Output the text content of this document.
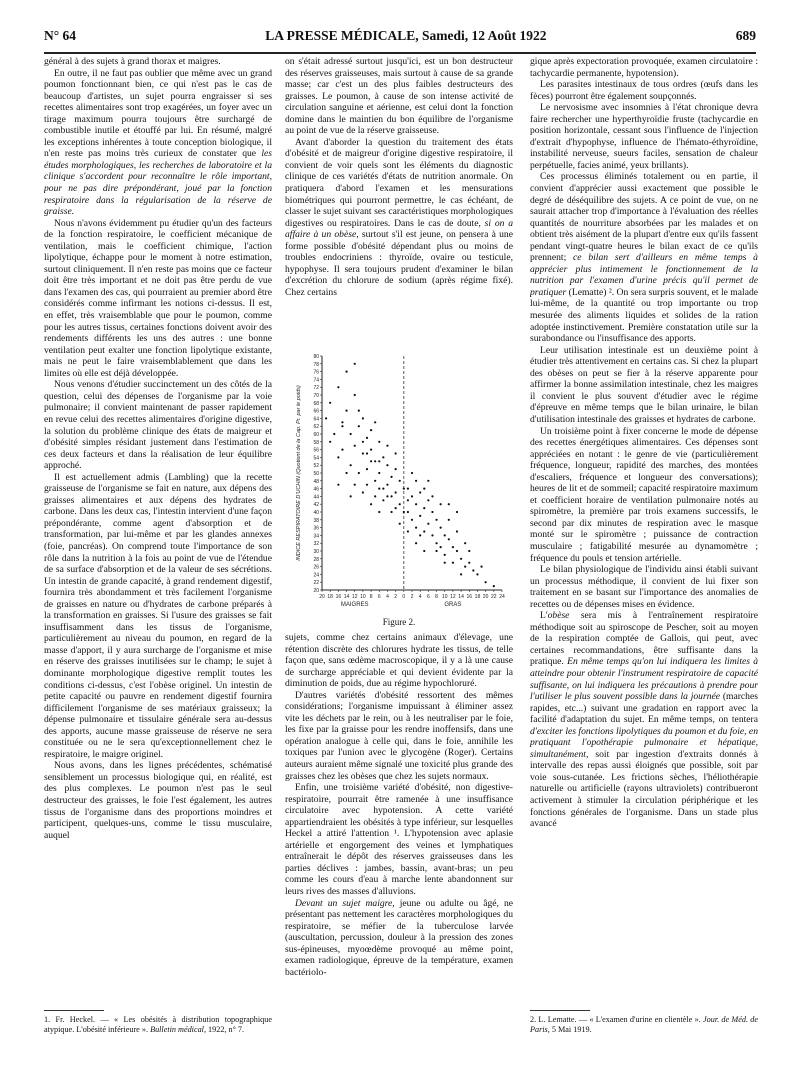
N° 64	LA PRESSE MÉDICALE, Samedi, 12 Août 1922	689

général à des sujets à grand thorax et maigres.

En outre, il ne faut pas oublier que même avec un grand poumon fonctionnant bien, ce qui n'est pas le cas de beaucoup d'artistes, un sujet pourra engraisser si ses recettes alimentaires sont trop exagérées, un foyer avec un tirage maximum pourra toujours être surchargé de combustible inutile et étouffé par lui. En résumé, malgré les exceptions inhérentes à toute conception biologique, il n'en reste pas moins très curieux de constater que les études morphologiques, les recherches de laboratoire et la clinique s'accordent pour reconnaître le rôle important, pour ne pas dire prépondérant, joué par la fonction respiratoire dans la régularisation de la réserve de graisse.

Nous n'avons évidemment pu étudier qu'un des facteurs de la fonction respiratoire, le coefficient mécanique de ventilation, mais le coefficient chimique, l'action lipolytique, échappe pour le moment à notre estimation, surtout cliniquement. Il n'en reste pas moins que ce facteur doit être très important et ne doit pas être perdu de vue dans l'examen des cas, qui pourraient au premier abord être considérés comme infirmant les notions ci-dessus. Il est, en effet, très vraisemblable que pour le poumon, comme pour les autres tissus, certaines fonctions doivent avoir des rendements différents les uns des autres : une bonne ventilation peut exalter une fonction lipolytique existante, mais ne peut le faire vraisemblablement que dans les limites où elle est déjà développée.

Nous venons d'étudier succinctement un des côtés de la question, celui des dépenses de l'organisme par la voie pulmonaire; il convient maintenant de passer rapidement en revue celui des recettes alimentaires d'origine digestive, la solution du problème clinique des états de maigreur et d'obésité simples résidant justement dans l'estimation de ces deux facteurs et dans la réalisation de leur équilibre approché.

Il est actuellement admis (Lambling) que la recette graisseuse de l'organisme se fait en nature, aux dépens des graisses alimentaires et aux dépens des hydrates de carbone. Dans les deux cas, l'intestin intervient d'une façon prépondérante, comme agent d'absorption et de transformation, par lui-même et par les glandes annexes (foie, pancréas). On comprend toute l'importance de son rôle dans la nutrition à la fois au point de vue de l'étendue de sa surface d'absorption et de la valeur de ses sécrétions. Un intestin de grande capacité, à grand rendement digestif, fournira très abondamment et très facilement l'organisme de graisses en nature ou d'hydrates de carbone préparés à la transformation en graisses. Si l'usure des graisses se fait insuffisamment dans les tissus de l'organisme, particulièrement au niveau du poumon, en regard de la masse d'apport, il y aura surcharge de l'organisme et mise en réserve des graisses inutilisées sur le champ; le sujet à dominante morphologique digestive remplit toutes les conditions ci-dessus, c'est l'obèse originel. Un intestin de petite capacité ou pauvre en rendement digestif fournira difficilement l'organisme de ses matériaux graisseux; la dépense pulmonaire et tissulaire générale sera au-dessus des apports, aucune masse graisseuse de réserve ne sera constituée ou ne le sera qu'exceptionnellement chez le respiratoire, le maigre originel.

Nous avons, dans les lignes précédentes, schématisé sensiblement un processus biologique qui, en réalité, est des plus complexes. Le poumon n'est pas le seul destructeur des graisses, le foie l'est également, les autres tissus de l'organisme dans des proportions moindres et participent, quelques-uns, comme le tissu musculaire, auquel

1. Fr. Heckel. — « Les obésités à distribution topographique atypique. L'obésité inférieure ». Bulletin médical, 1922, n° 7.

on s'était adressé surtout jusqu'ici, est un bon destructeur des réserves graisseuses, mais surtout à cause de sa grande masse; car c'est un des plus faibles destructeurs des graisses. Le poumon, à cause de son intense activité de circulation sanguine et aérienne, est celui dont la fonction domine dans le maintien du bon équilibre de l'organisme au point de vue de la réserve graisseuse.

Avant d'aborder la question du traitement des états d'obésité et de maigreur d'origine digestive respiratoire, il convient de voir quels sont les éléments du diagnostic clinique de ces variétés d'états de nutrition anormale. On pratiquera d'abord l'examen et les mensurations biométriques qui pourront permettre, le cas échéant, de classer le sujet suivant ses caractéristiques morphologiques digestives ou respiratoires. Dans le cas de doute, si on a affaire à un obèse, surtout s'il est jeune, on pensera à une forme possible d'obésité dépendant plus ou moins de troubles endocriniens : thyroïde, ovaire ou testicule, hypophyse. Il sera toujours prudent d'examiner le bilan d'excrétion du chlorure de sodium (après régime fixé). Chez certains

20
22
24
26
28
30
32
34
36
38
40
42
44
46
48
50
52
54
56
58
60
62
64
66
68
70
72
74
76
78
80
20 18 16 14 12 10 8 6 4 2 0 2 4 6 8 10 12 14 16 18 20 22 24
MAIGRES	GRAS
INDICE RESPIRATOIRE D'UCHIN (Quotient de la Cap. Pr. par le poids)
Figure 2.

sujets, comme chez certains animaux d'élevage, une rétention discrète des chlorures hydrate les tissus, de telle façon que, sans œdème macroscopique, il y a là une cause de surcharge appréciable et qui devient évidente par la diminution de poids, due au régime hypochloruré.

D'autres variétés d'obésité ressortent des mêmes considérations; l'organisme impuissant à éliminer assez vite les déchets par le rein, ou à les neutraliser par le foie, les fixe par la graisse pour les rendre inoffensifs, dans une opération analogue à celle qui, dans le foie, annihile les toxiques par l'union avec le glycogène (Roger). Certains auteurs auraient même signalé une toxicité plus grande des graisses chez les obèses que chez les sujets normaux.

Enfin, une troisième variété d'obésité, non digestive-respiratoire, pourrait être ramenée à une insuffisance circulatoire avec hypotension. A cette variété appartiendraient les obésités à type inférieur, sur lesquelles Heckel a attiré l'attention ¹. L'hypotension avec aplasie artérielle et engorgement des veines et lymphatiques entraînerait le dépôt des réserves graisseuses dans les parties déclives : jambes, bassin, avant-bras; un peu comme les cours d'eau à marche lente abandonnent sur leurs rives des masses d'alluvions.

Devant un sujet maigre, jeune ou adulte ou âgé, ne présentant pas nettement les caractères morphologiques du respiratoire, se méfier de la tuberculose larvée (auscultation, percussion, douleur à la pression des zones sus-épineuses, myoœdème provoqué au même point, examen radiologique, épreuve de la température, examen bactériolo-

gique après expectoration provoquée, examen circulatoire : tachycardie permanente, hypotension).

Les parasites intestinaux de tous ordres (œufs dans les fèces) pourront être également soupçonnés.

Le nervosisme avec insomnies à l'état chronique devra faire rechercher une hyperthyroïdie fruste (tachycardie en position horizontale, cessant sous l'influence de l'injection d'extrait d'hypophyse, influence de l'hémato-éthyroïdine, instabilité nerveuse, sueurs faciles, sensation de chaleur perpétuelle, facies animé, yeux brillants).

Ces processus éliminés totalement ou en partie, il convient d'apprécier aussi exactement que possible le degré de déséquilibre des sujets. A ce point de vue, on ne saurait attacher trop d'importance à l'évaluation des réelles quantités de nourriture absorbées par les malades et on obtient très aisément de la plupart d'entre eux qu'ils fassent pendant vingt-quatre heures le bilan exact de ce qu'ils prennent; ce bilan sert d'ailleurs en même temps à apprécier plus intimement le fonctionnement de la nutrition par l'examen d'urine précis qu'il permet de pratiquer (Lematte) ². On sera surpris souvent, et le malade lui-même, de la quantité ou trop importante ou trop mesurée des aliments liquides et solides de la ration adoptée instinctivement. Première constatation utile sur la surabondance ou l'insuffisance des apports.

Leur utilisation intestinale est un deuxième point à étudier très attentivement en certains cas. Si chez la plupart des obèses on peut se fier à la réserve apparente pour affirmer la bonne assimilation intestinale, chez les maigres il convient le plus souvent d'étudier avec le régime d'épreuve en même temps que le bilan urinaire, le bilan d'utilisation intestinale des graisses et hydrates de carbone.

Un troisième point à fixer concerne le mode de dépense des recettes énergétiques alimentaires. Ces dépenses sont appréciées en notant : le genre de vie (particulièrement fréquence, longueur, rapidité des marches, des montées d'escaliers, fréquence et longueur des conversations); heures de lit et de sommeil; capacité respiratoire maximum et coefficient horaire de ventilation pulmonaire notés au spiromètre, la première par trois examens successifs, le second par dix minutes de respiration avec le masque monté sur le spiromètre ; puissance de contraction musculaire ; fatigabilité mesurée au dynamomètre ; fréquence du pouls et tension artérielle.

Le bilan physiologique de l'individu ainsi établi suivant un processus méthodique, il convient de lui fixer son traitement en se basant sur l'importance des anomalies de recettes ou de dépenses mises en évidence.

L'obèse sera mis à l'entraînement respiratoire méthodique soit au spiroscope de Pescher, soit au moyen de la respiration comptée de Gallois, qui peut, avec certaines recommandations, être suffisante dans la pratique. En même temps qu'on lui indiquera les limites à atteindre pour obtenir l'instrument respiratoire de capacité suffisante, on lui indiquera les précautions à prendre pour l'utiliser le plus souvent possible dans la journée (marches rapides, etc...) suivant une gradation en rapport avec la facilité d'adaptation du sujet. En même temps, on tentera d'exciter les fonctions lipolytiques du poumon et du foie, en pratiquant l'opothérapie pulmonaire et hépatique, simultanément, soit par ingestion d'extraits donnés à intervalle des repas aussi éloignés que possible, soit par voie sous-cutanée. Les frictions sèches, l'héliothérapie naturelle ou artificielle (rayons ultraviolets) contribueront activement à stimuler la circulation périphérique et les fonctions générales de l'organisme. Dans un stade plus avancé

2. L. Lematte. — « L'examen d'urine en clientèle ». Jour. de Méd. de Paris, 5 Mai 1919.
